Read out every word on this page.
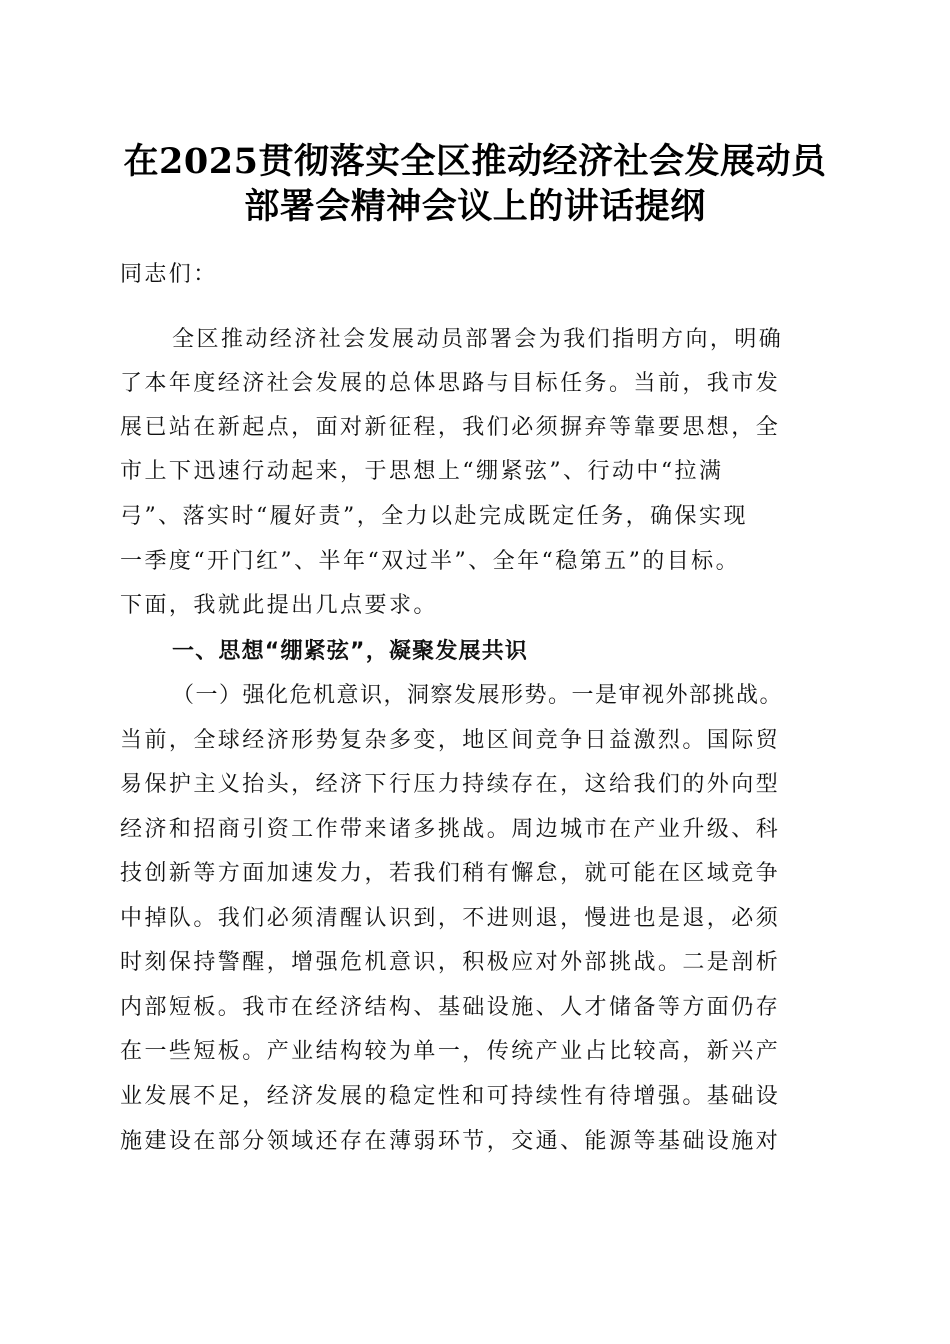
在2025贯彻落实全区推动经济社会发展动员
部署会精神会议上的讲话提纲
同志们：

全区推动经济社会发展动员部署会为我们指明方向，明确

了本年度经济社会发展的总体思路与目标任务。当前，我市发

展已站在新起点，面对新征程，我们必须摒弃等靠要思想，全

市上下迅速行动起来，于思想上“绷紧弦”、行动中“拉满

弓”、落实时“履好责”，全力以赴完成既定任务，确保实现

一季度“开门红”、半年“双过半”、全年“稳第五”的目标。

下面，我就此提出几点要求。

一、思想“绷紧弦”，凝聚发展共识

（一）强化危机意识，洞察发展形势。一是审视外部挑战。

当前，全球经济形势复杂多变，地区间竞争日益激烈。国际贸

易保护主义抬头，经济下行压力持续存在，这给我们的外向型

经济和招商引资工作带来诸多挑战。周边城市在产业升级、科

技创新等方面加速发力，若我们稍有懈怠，就可能在区域竞争

中掉队。我们必须清醒认识到，不进则退，慢进也是退，必须

时刻保持警醒，增强危机意识，积极应对外部挑战。二是剖析

内部短板。我市在经济结构、基础设施、人才储备等方面仍存

在一些短板。产业结构较为单一，传统产业占比较高，新兴产

业发展不足，经济发展的稳定性和可持续性有待增强。基础设

施建设在部分领域还存在薄弱环节，交通、能源等基础设施对
